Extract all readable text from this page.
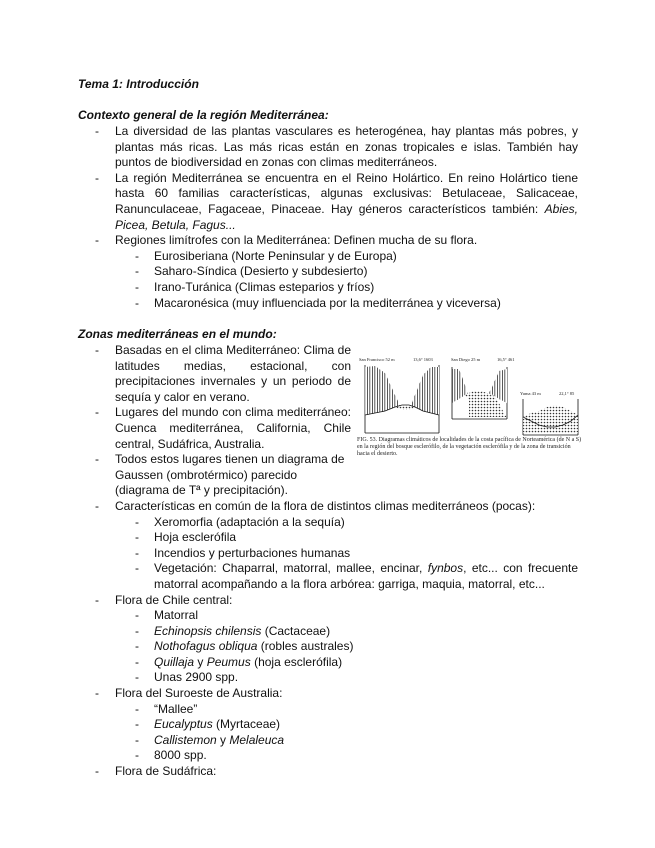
Tema 1: Introducción
Contexto general de la región Mediterránea:
- La diversidad de las plantas vasculares es heterogénea, hay plantas más pobres, y plantas más ricas. Las más ricas están en zonas tropicales e islas. También hay puntos de biodiversidad en zonas con climas mediterráneos.
- La región Mediterránea se encuentra en el Reino Holártico. En reino Holártico tiene hasta 60 familias características, algunas exclusivas: Betulaceae, Salicaceae, Ranunculaceae, Fagaceae, Pinaceae. Hay géneros característicos también: Abies, Picea, Betula, Fagus...
- Regiones limítrofes con la Mediterránea: Definen mucha de su flora.
- Eurosiberiana (Norte Peninsular y de Europa)
- Saharo-Síndica (Desierto y subdesierto)
- Irano-Turánica (Climas esteparios y fríos)
- Macaronésica (muy influenciada por la mediterránea y viceversa)
Zonas mediterráneas en el mundo:
- Basadas en el clima Mediterráneo: Clima de latitudes medias, estacional, con precipitaciones invernales y un periodo de sequía y calor en verano.
- Lugares del mundo con clima mediterráneo: Cuenca mediterránea, California, Chile central, Sudáfrica, Australia.
- Todos estos lugares tienen un diagrama de Gaussen (ombrotérmico) parecido (diagrama de Tª y precipitación).
- Características en común de la flora de distintos climas mediterráneos (pocas):
- Xeromorfia (adaptación a la sequía)
- Hoja esclerófila
- Incendios y perturbaciones humanas
- Vegetación: Chaparral, matorral, mallee, encinar, fynbos, etc... con frecuente matorral acompañando a la flora arbórea: garriga, maquia, matorral, etc...
- Flora de Chile central:
- Matorral
- Echinopsis chilensis (Cactaceae)
- Nothofagus obliqua (robles australes)
- Quillaja y Peumus (hoja esclerófila)
- Unas 2900 spp.
- Flora del Suroeste de Australia:
- “Mallee”
- Eucalyptus (Myrtaceae)
- Callistemon y Melaleuca
- 8000 spp.
- Flora de Sudáfrica:
San Francisco 52 m	13,6° 1603	San Diego 25 m	16,5° 461
Yuma 43 m	22,1° 85
FIG. 53. Diagramas climáticos de localidades de la costa pacífica de Norteamérica (de N a S) en la región del bosque esclerófilo, de la vegetación esclerófila y de la zona de transición hacia el desierto.
